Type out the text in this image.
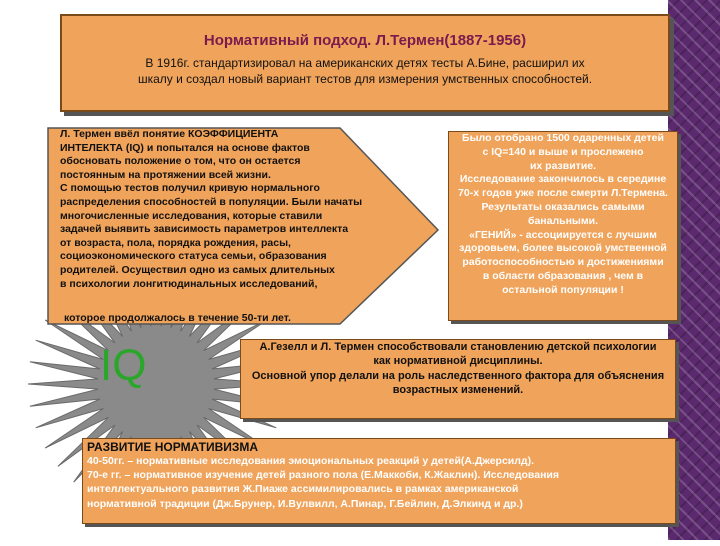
Нормативный подход. Л.Термен(1887-1956)
В 1916г. стандартизировал на американских детях тесты А.Бине, расширил их
шкалу и создал новый вариант тестов для измерения умственных способностей.

Л. Термен ввёл понятие КОЭФФИЦИЕНТА

ИНТЕЛЕКТА (IQ) и попытался на основе фактов

обосновать положение о том, что он остается

постоянным на протяжении всей жизни.

С помощью тестов получил кривую нормального

распределения способностей в популяции. Были начаты

многочисленные исследования, которые ставили

задачей выявить зависимость параметров интеллекта

от возраста, пола, порядка рождения, расы,

социоэкономического статуса семьи, образования

родителей. Осуществил одно из самых длительных

в психологии лонгитюдинальных исследований,

которое продолжалось в течение 50-ти лет.

Было отобрано 1500 одаренных детей

с IQ=140 и выше и прослежено

их развитие.

Исследование закончилось в середине

70-х годов уже после смерти Л.Термена.

Результаты оказались самыми

банальными.

«ГЕНИЙ» - ассоциируется с лучшим

здоровьем, более высокой умственной

работоспособностью и достижениями

в области образования , чем в

остальной популяции !

IQ	А.Гезелл и Л. Термен способствовали становлению детской психологии

как нормативной дисциплины.

Основной упор делали на роль наследственного фактора для объяснения

возрастных изменений.

РАЗВИТИЕ НОРМАТИВИЗМА

40-50гг. – нормативные исследования эмоциональных реакций у детей(А.Джерсилд).

70-е гг. – нормативное изучение детей разного пола (Е.Маккоби, К.Жаклин). Исследования

интеллектуального развития Ж.Пиаже ассимилировались в рамках американской

нормативной традиции (Дж.Брунер, И.Вулвилл, А.Пинар, Г.Бейлин, Д.Элкинд и др.)
